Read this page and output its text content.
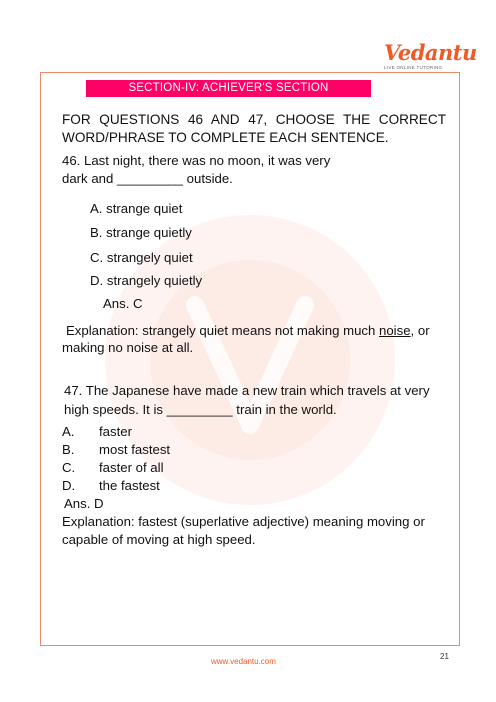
Vedantu
LIVE ONLINE TUTORING
SECTION-IV: ACHIEVER'S SECTION
FOR QUESTIONS 46 AND 47, CHOOSE THE CORRECT
WORD/PHRASE TO COMPLETE EACH SENTENCE.
46. Last night, there was no moon, it was very
dark and _________ outside.
A. strange quiet
B. strange quietly
C. strangely quiet
D. strangely quietly
Ans. C
Explanation: strangely quiet means not making much noise, or
making no noise at all.
47. The Japanese have made a new train which travels at very
high speeds. It is _________ train in the world.
A. faster
B. most fastest
C. faster of all
D. the fastest
Ans. D
Explanation: fastest (superlative adjective) meaning moving or
capable of moving at high speed.
21
www.vedantu.com
